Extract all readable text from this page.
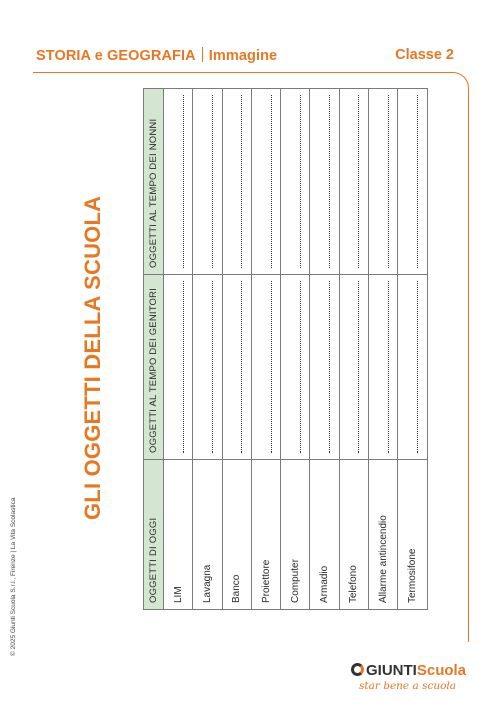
STORIA e GEOGRAFIA Immagine	Classe 2
© 2025 Giunti Scuola S.r.l., Firenze | La Vita Scolastica
GLI OGGETTI DELLA SCUOLA
OGGETTI DI OGGI	OGGETTI AL TEMPO DEI GENITORI	OGGETTI AL TEMPO DEI NONNI
LIM	

Lavagna	

Banco	

Proiettore	

Computer	

Armadio	

Telefono	

Allarme antincendio	

Termosifone	

GIUNTIScuola
star bene a scuola
